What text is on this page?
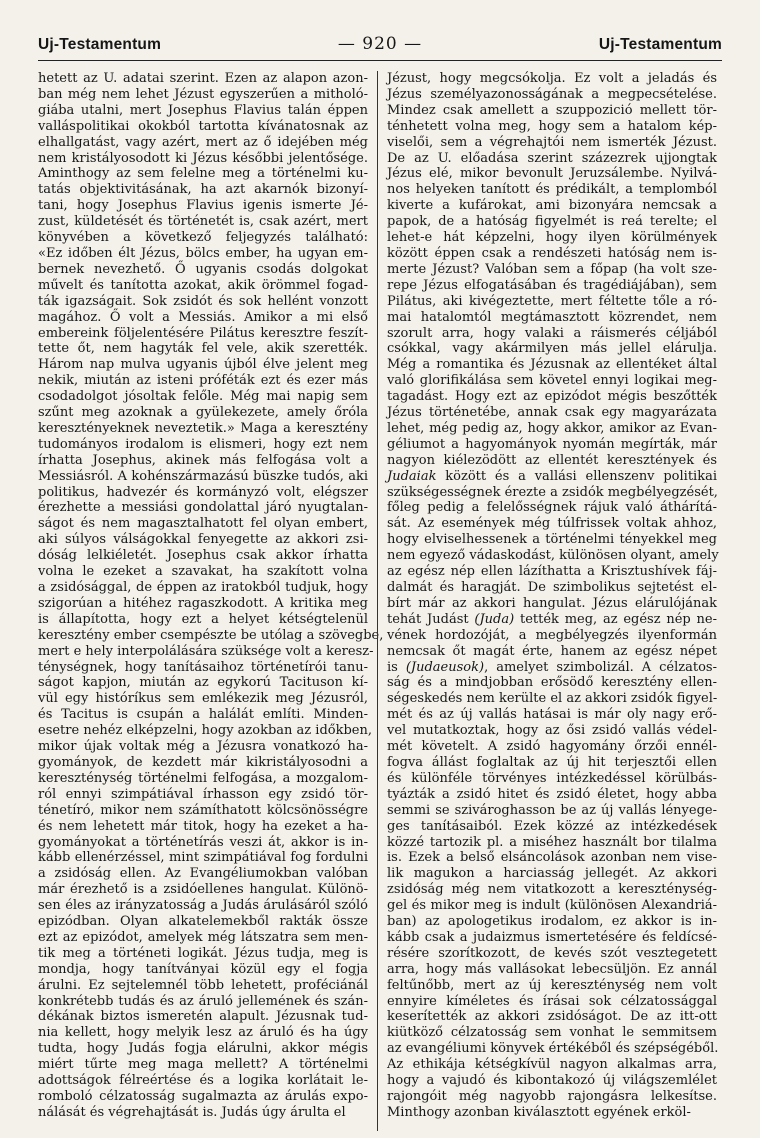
Uj-Testamentum	— 920 —	Uj-Testamentum
hetett az U. adatai szerint. Ezen az alapon azon-
ban még nem lehet Jézust egyszerűen a mitholó-
giába utalni, mert Josephus Flavius talán éppen
valláspolitikai okokból tartotta kívánatosnak az
elhallgatást, vagy azért, mert az ő idejében még
nem kristályosodott ki Jézus későbbi jelentősége.
Aminthogy az sem felelne meg a történelmi ku-
tatás objektivitásának, ha azt akarnók bizonyí-
tani, hogy Josephus Flavius igenis ismerte Jé-
zust, küldetését és történetét is, csak azért, mert
könyvében a következő feljegyzés található:
«Ez időben élt Jézus, bölcs ember, ha ugyan em-
bernek nevezhető. Ő ugyanis csodás dolgokat
művelt és tanította azokat, akik örömmel fogad-
ták igazságait. Sok zsidót és sok hellént vonzott
magához. Ő volt a Messiás. Amikor a mi első
embereink följelentésére Pilátus keresztre feszít-
tette őt, nem hagyták fel vele, akik szerették.
Három nap mulva ugyanis újból élve jelent meg
nekik, miután az isteni próféták ezt és ezer más
csodadolgot jósoltak felőle. Még mai napig sem
szűnt meg azoknak a gyülekezete, amely őróla
keresztényeknek neveztetik.» Maga a keresztény
tudományos irodalom is elismeri, hogy ezt nem
írhatta Josephus, akinek más felfogása volt a
Messiásról. A kohénszármazású büszke tudós, aki
politikus, hadvezér és kormányzó volt, elégszer
érezhette a messiási gondolattal járó nyugtalan-
ságot és nem magasztalhatott fel olyan embert,
aki súlyos válságokkal fenyegette az akkori zsi-
dóság lelkiéletét. Josephus csak akkor írhatta
volna le ezeket a szavakat, ha szakított volna
a zsidósággal, de éppen az iratokból tudjuk, hogy
szigorúan a hitéhez ragaszkodott. A kritika meg
is állapította, hogy ezt a helyet kétségtelenül
keresztény ember csempészte be utólag a szövegbe,
mert e hely interpolálására szüksége volt a keresz-
ténységnek, hogy tanításaihoz történetírói tanu-
ságot kapjon, miután az egykorú Tacituson kí-
vül egy históríkus sem emlékezik meg Jézusról,
és Tacitus is csupán a halálát említi. Minden-
esetre nehéz elképzelni, hogy azokban az időkben,
mikor újak voltak még a Jézusra vonatkozó ha-
gyományok, de kezdett már kikristályosodni a
kereszténység történelmi felfogása, a mozgalom-
ról ennyi szimpátiával írhasson egy zsidó tör-
ténetíró, mikor nem számíthatott kölcsönösségre
és nem lehetett már titok, hogy ha ezeket a ha-
gyományokat a történetírás veszi át, akkor is in-
kább ellenérzéssel, mint szimpátiával fog fordulni
a zsidóság ellen. Az Evangéliumokban valóban
már érezhető is a zsidóellenes hangulat. Különö-
sen éles az irányzatosság a Judás árulásáról szóló
epizódban. Olyan alkatelemekből rakták össze
ezt az epizódot, amelyek még látszatra sem men-
tik meg a történeti logikát. Jézus tudja, meg is
mondja, hogy tanítványai közül egy el fogja
árulni. Ez sejtelemnél több lehetett, proféciánál
konkrétebb tudás és az áruló jellemének és szán-
dékának biztos ismeretén alapult. Jézusnak tud-
nia kellett, hogy melyik lesz az áruló és ha úgy
tudta, hogy Judás fogja elárulni, akkor mégis
miért tűrte meg maga mellett? A történelmi
adottságok félreértése és a logika korlátait le-
romboló célzatosság sugalmazta az árulás expo-
nálását és végrehajtását is. Judás úgy árulta el
Jézust, hogy megcsókolja. Ez volt a jeladás és
Jézus személyazonosságának a megpecsételése.
Mindez csak amellett a szuppozició mellett tör-
ténhetett volna meg, hogy sem a hatalom kép-
viselői, sem a végrehajtói nem ismerték Jézust.
De az U. előadása szerint százezrek ujjongtak
Jézus elé, mikor bevonult Jeruzsálembe. Nyilvá-
nos helyeken tanított és prédikált, a templomból
kiverte a kufárokat, ami bizonyára nemcsak a
papok, de a hatóság figyelmét is reá terelte; el
lehet-e hát képzelni, hogy ilyen körülmények
között éppen csak a rendészeti hatóság nem is-
merte Jézust? Valóban sem a főpap (ha volt sze-
repe Jézus elfogatásában és tragédiájában), sem
Pilátus, aki kivégeztette, mert féltette tőle a ró-
mai hatalomtól megtámasztott közrendet, nem
szorult arra, hogy valaki a ráismerés céljából
csókkal, vagy akármilyen más jellel elárulja.
Még a romantika és Jézusnak az ellentéket által
való glorifikálása sem követel ennyi logikai meg-
tagadást. Hogy ezt az epizódot mégis beszőtték
Jézus történetébe, annak csak egy magyarázata
lehet, még pedig az, hogy akkor, amikor az Evan-
géliumot a hagyományok nyomán megírták, már
nagyon kiélezödött az ellentét keresztények és
Judaiak között és a vallási ellenszenv politikai
szükségességnek érezte a zsidók megbélyegzését,
főleg pedig a felelősségnek rájuk való áthárítá-
sát. Az események még túlfrissek voltak ahhoz,
hogy elviselhessenek a történelmi tényekkel meg
nem egyező vádaskodást, különösen olyant, amely
az egész nép ellen lázíthatta a Krisztushívek fáj-
dalmát és haragját. De szimbolikus sejtetést el-
bírt már az akkori hangulat. Jézus elárulójának
tehát Judást (Juda) tették meg, az egész nép ne-
vének hordozóját, a megbélyegzés ilyenformán
nemcsak őt magát érte, hanem az egész népet
is (Judaeusok), amelyet szimbolizál. A célzatos-
ság és a mindjobban erősödő keresztény ellen-
ségeskedés nem kerülte el az akkori zsidók figyel-
mét és az új vallás hatásai is már oly nagy erő-
vel mutatkoztak, hogy az ősi zsidó vallás védel-
mét követelt. A zsidó hagyomány őrzői ennél-
fogva állást foglaltak az új hit terjesztői ellen
és különféle törvényes intézkedéssel körülbás-
tyázták a zsidó hitet és zsidó életet, hogy abba
semmi se szivároghasson be az új vallás lényege-
ges tanításaiból. Ezek közzé az intézkedések
közzé tartozik pl. a miséhez használt bor tilalma
is. Ezek a belső elsáncolások azonban nem vise-
lik magukon a harciasság jellegét. Az akkori
zsidóság még nem vitatkozott a kereszténység-
gel és mikor meg is indult (különösen Alexandriá-
ban) az apologetikus irodalom, ez akkor is in-
kább csak a judaizmus ismertetésére és feldícsé-
résére szorítkozott, de kevés szót vesztegetett
arra, hogy más vallásokat lebecsüljön. Ez annál
feltűnőbb, mert az új kereszténység nem volt
ennyire kíméletes és írásai sok célzatossággal
keserítették az akkori zsidóságot. De az itt-ott
kiütköző célzatosság sem vonhat le semmitsem
az evangéliumi könyvek értékéből és szépségéből.
Az ethikája kétségkívül nagyon alkalmas arra,
hogy a vajudó és kibontakozó új világszemlélet
rajongóit még nagyobb rajongásra lelkesítse.
Minthogy azonban kiválasztott egyének erköl-
